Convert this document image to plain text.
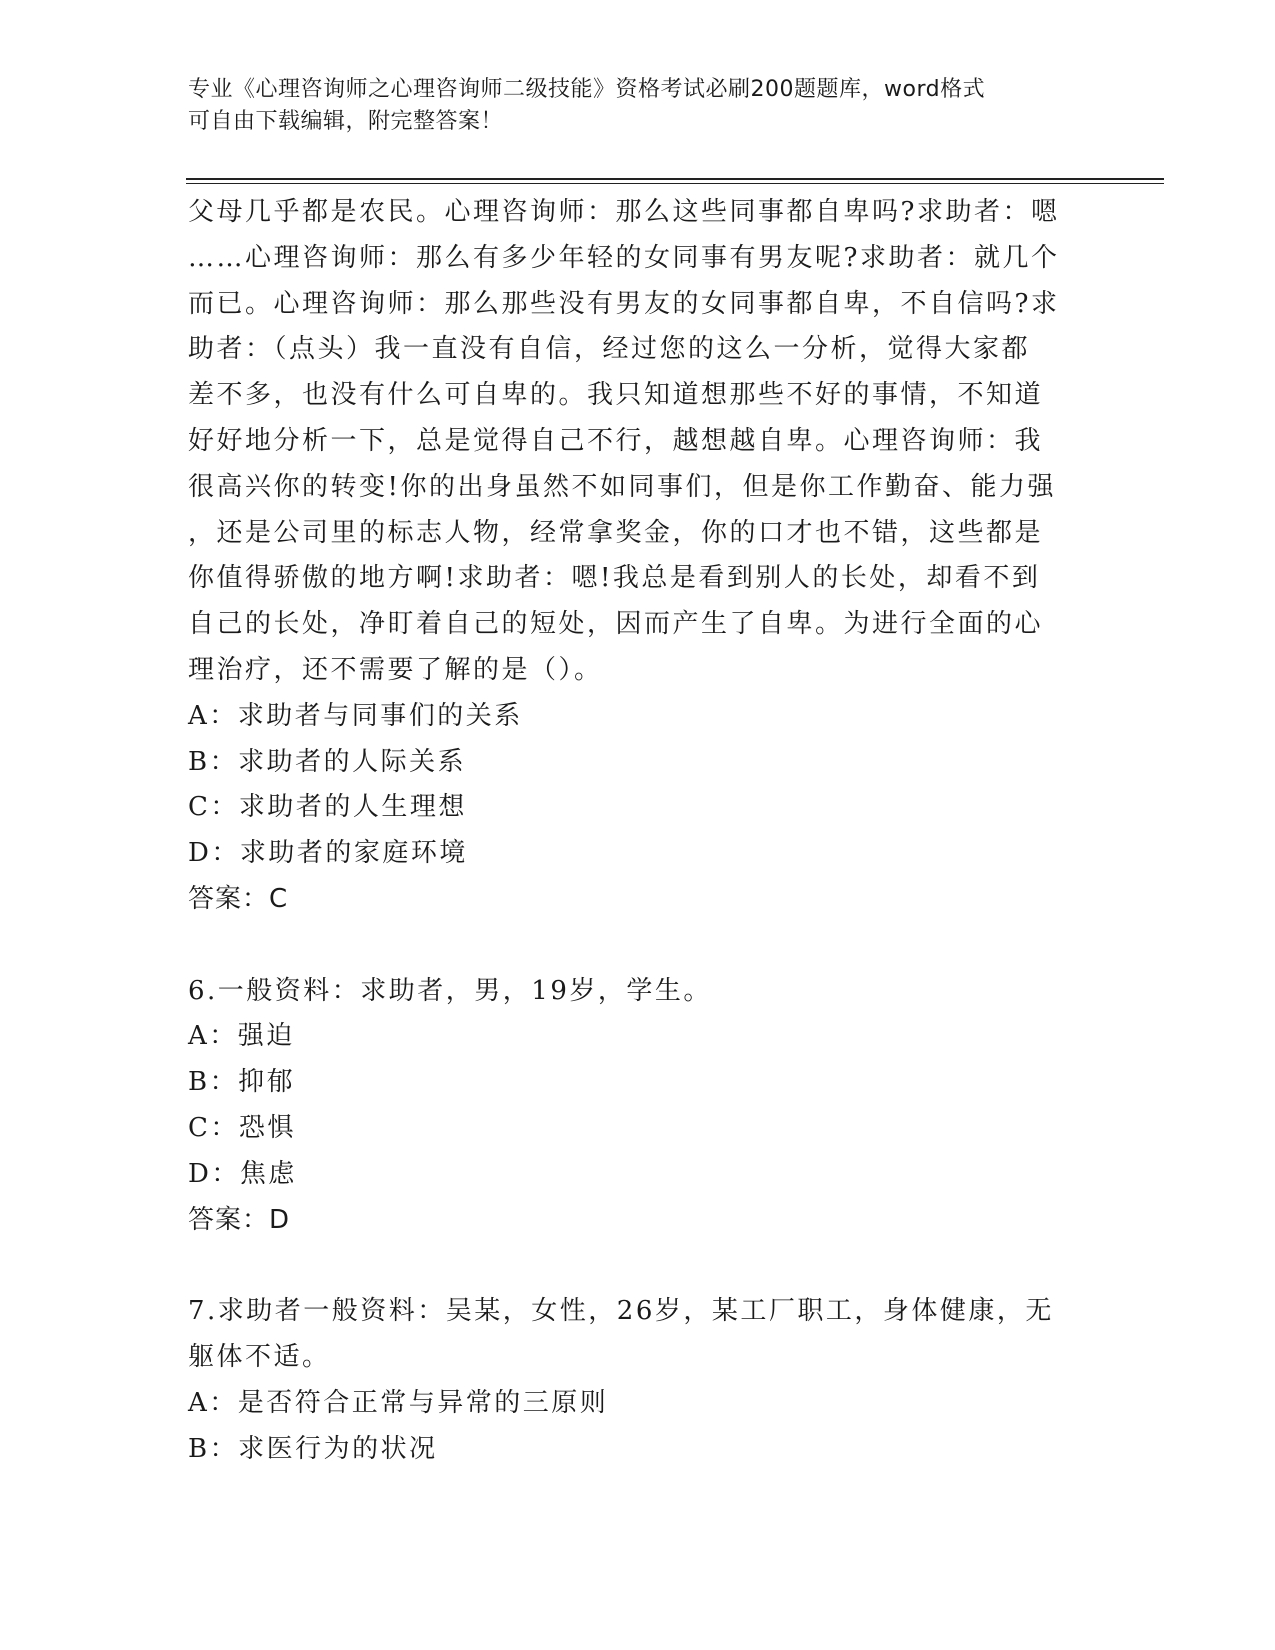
专业《心理咨询师之心理咨询师二级技能》资格考试必刷200题题库，word格式

可自由下载编辑，附完整答案！

父母几乎都是农民。心理咨询师：那么这些同事都自卑吗?求助者：嗯

……心理咨询师：那么有多少年轻的女同事有男友呢?求助者：就几个

而已。心理咨询师：那么那些没有男友的女同事都自卑，不自信吗?求

助者：（点头）我一直没有自信，经过您的这么一分析，觉得大家都

差不多，也没有什么可自卑的。我只知道想那些不好的事情，不知道

好好地分析一下，总是觉得自己不行，越想越自卑。心理咨询师：我

很高兴你的转变!你的出身虽然不如同事们，但是你工作勤奋、能力强

，还是公司里的标志人物，经常拿奖金，你的口才也不错，这些都是

你值得骄傲的地方啊!求助者：嗯!我总是看到别人的长处，却看不到

自己的长处，净盯着自己的短处，因而产生了自卑。为进行全面的心

理治疗，还不需要了解的是（）。

A：求助者与同事们的关系

B：求助者的人际关系

C：求助者的人生理想

D：求助者的家庭环境

答案：C

6.一般资料：求助者，男，19岁，学生。

A：强迫

B：抑郁

C：恐惧

D：焦虑

答案：D

7.求助者一般资料：吴某，女性，26岁，某工厂职工，身体健康，无

躯体不适。

A：是否符合正常与异常的三原则

B：求医行为的状况
